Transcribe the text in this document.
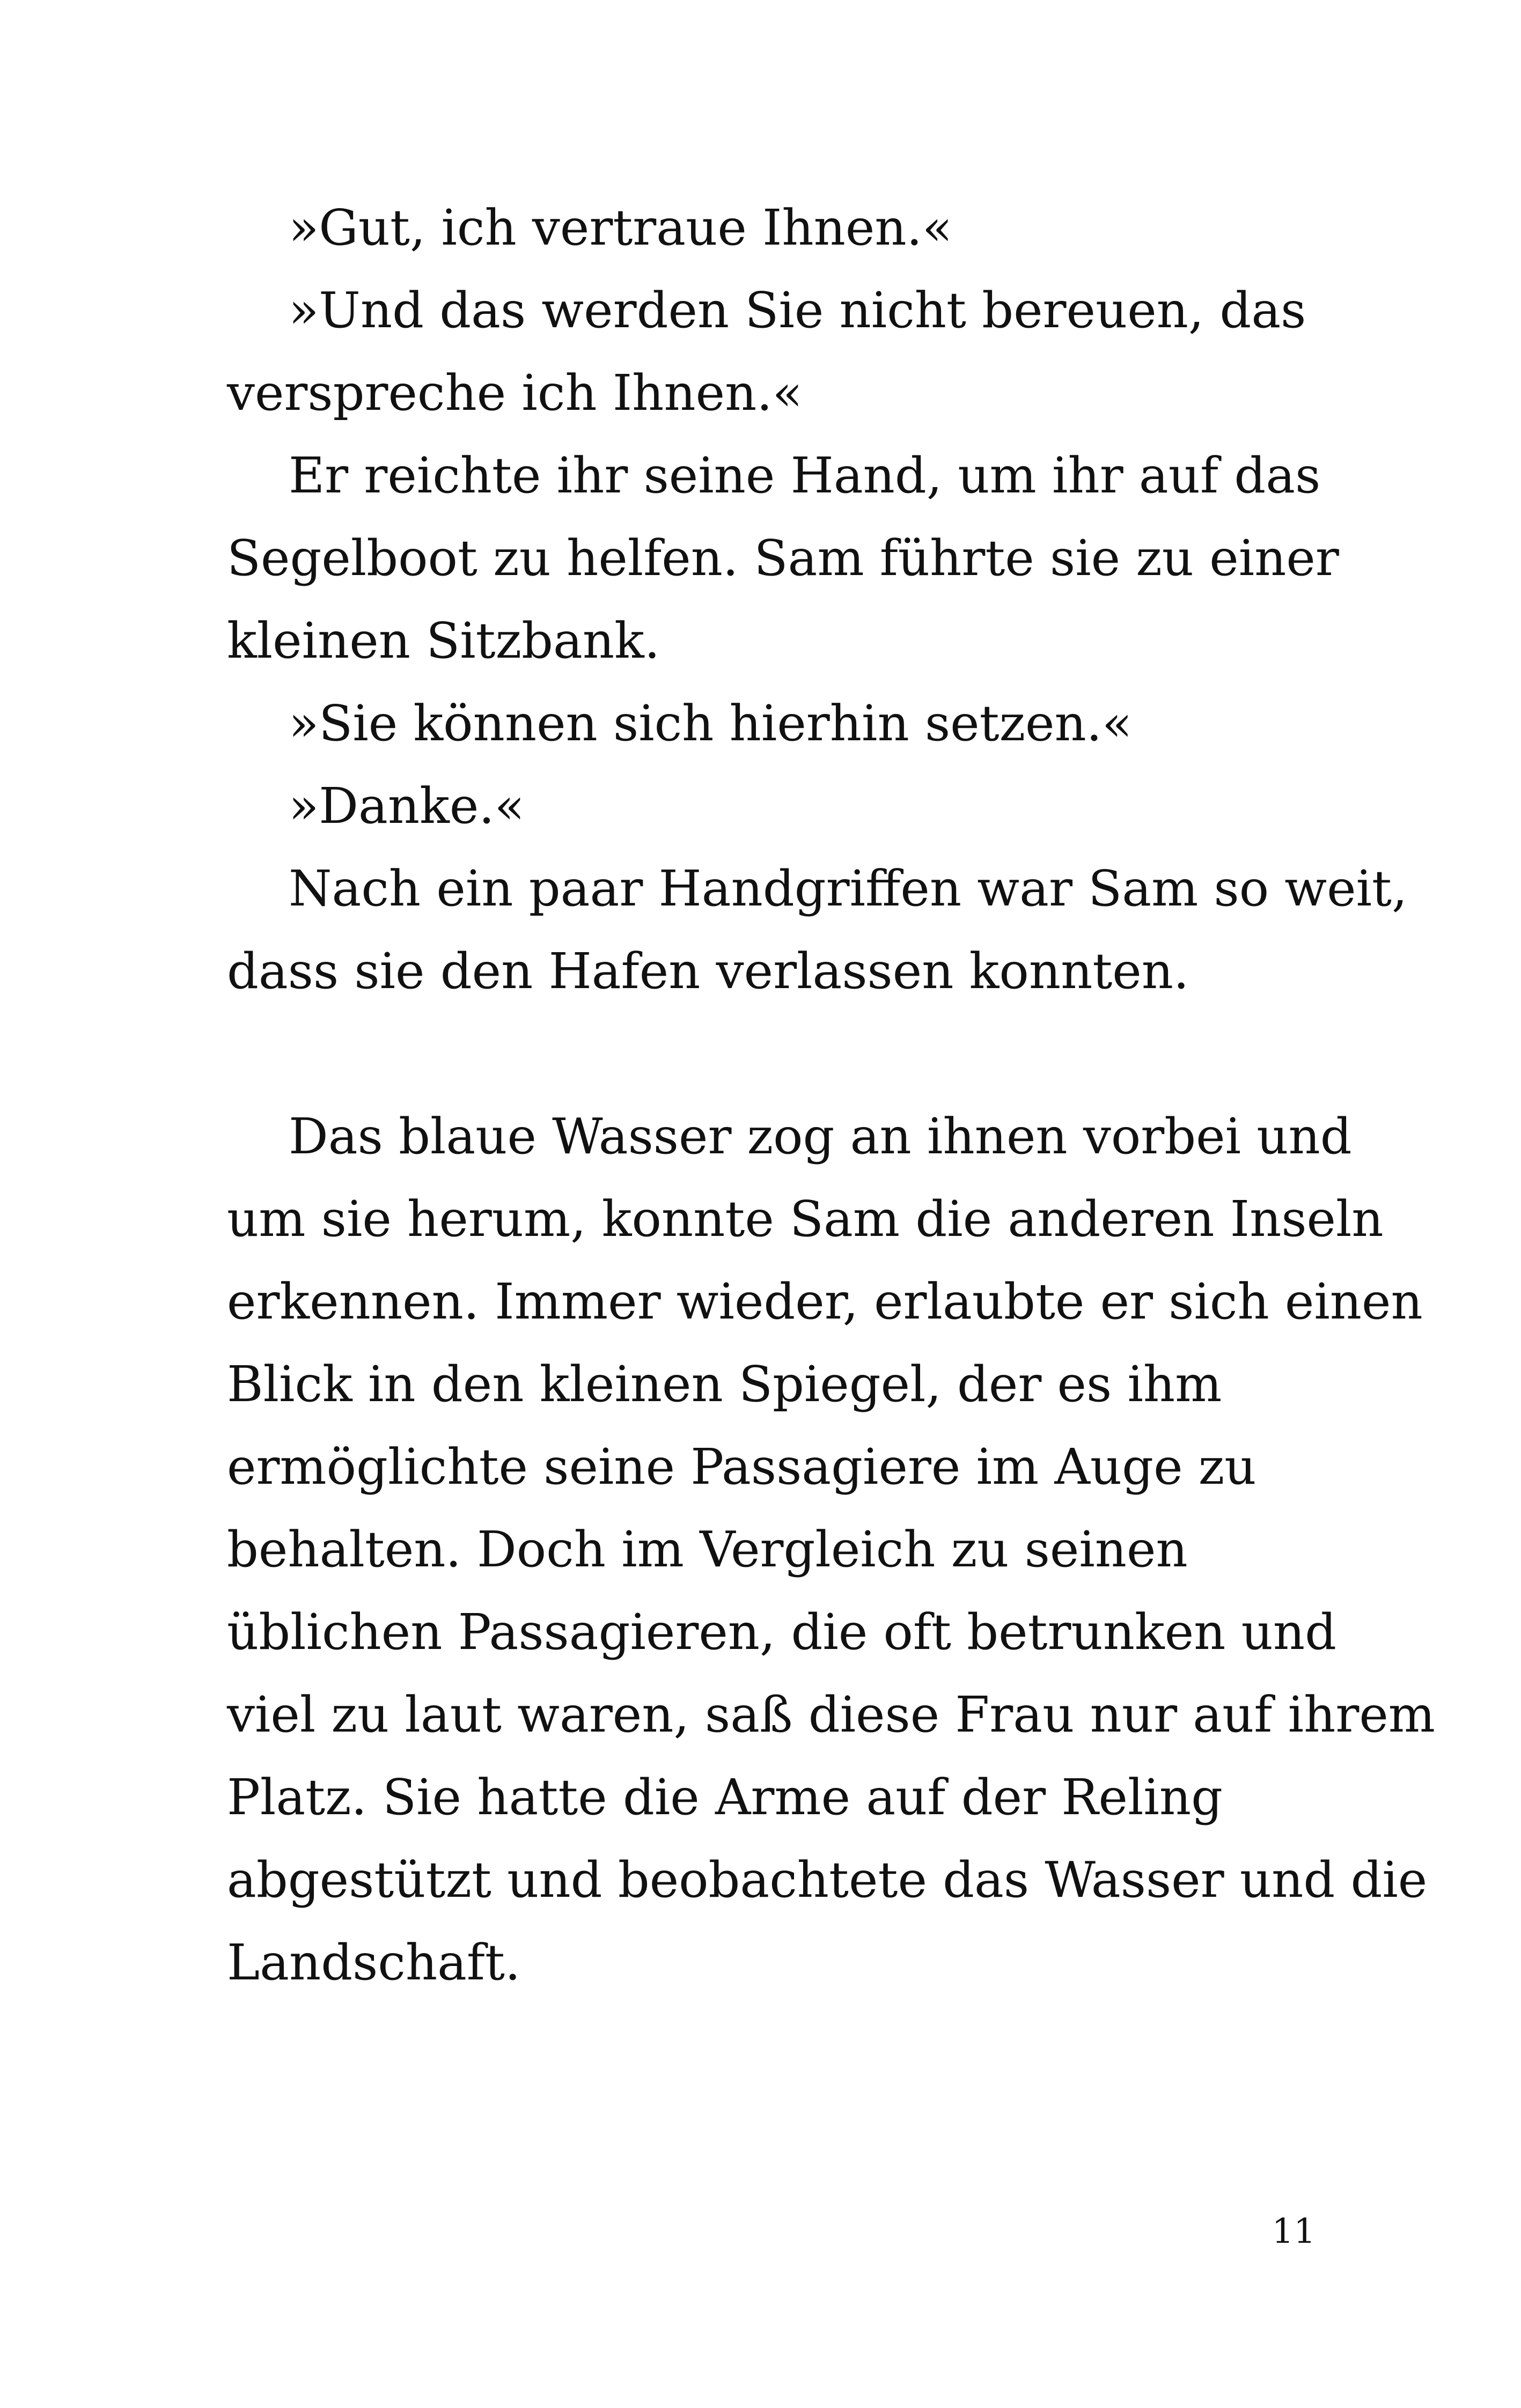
»Gut, ich vertraue Ihnen.«
»Und das werden Sie nicht bereuen, das
verspreche ich Ihnen.«
Er reichte ihr seine Hand, um ihr auf das
Segelboot zu helfen. Sam führte sie zu einer
kleinen Sitzbank.
»Sie können sich hierhin setzen.«
»Danke.«
Nach ein paar Handgriffen war Sam so weit,
dass sie den Hafen verlassen konnten.
Das blaue Wasser zog an ihnen vorbei und
um sie herum, konnte Sam die anderen Inseln
erkennen. Immer wieder, erlaubte er sich einen
Blick in den kleinen Spiegel, der es ihm
ermöglichte seine Passagiere im Auge zu
behalten. Doch im Vergleich zu seinen
üblichen Passagieren, die oft betrunken und
viel zu laut waren, saß diese Frau nur auf ihrem
Platz. Sie hatte die Arme auf der Reling
abgestützt und beobachtete das Wasser und die
Landschaft.
11
